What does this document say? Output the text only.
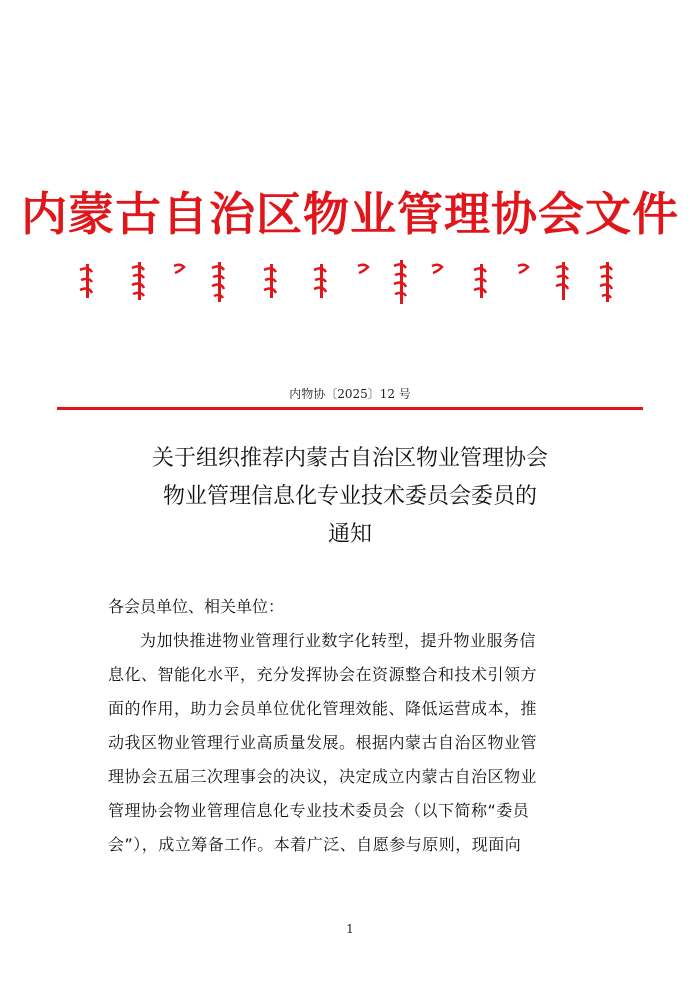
内蒙古自治区物业管理协会文件
内物协〔2025〕12 号
关于组织推荐内蒙古自治区物业管理协会
物业管理信息化专业技术委员会委员的
通知
各会员单位、相关单位：
为加快推进物业管理行业数字化转型，提升物业服务信
息化、智能化水平，充分发挥协会在资源整合和技术引领方
面的作用，助力会员单位优化管理效能、降低运营成本，推
动我区物业管理行业高质量发展。根据内蒙古自治区物业管
理协会五届三次理事会的决议，决定成立内蒙古自治区物业
管理协会物业管理信息化专业技术委员会（以下简称“委员
会”），成立筹备工作。本着广泛、自愿参与原则，现面向
1
